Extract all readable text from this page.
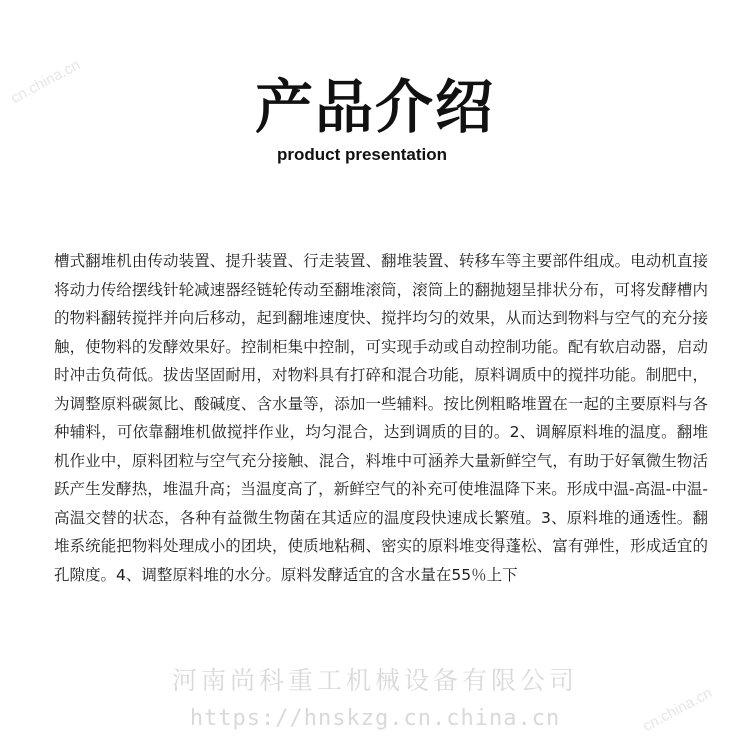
cn.china.cn	产品介绍
product presentation
槽式翻堆机由传动装置、提升装置、行走装置、翻堆装置、转移车等主要部件组成。电动机直接将动力传给摆线针轮减速器经链轮传动至翻堆滚筒，滚筒上的翻抛翅呈排状分布，可将发酵槽内的物料翻转搅拌并向后移动，起到翻堆速度快、搅拌均匀的效果，从而达到物料与空气的充分接触，使物料的发酵效果好。控制柜集中控制，可实现手动或自动控制功能。配有软启动器，启动时冲击负荷低。拔齿坚固耐用，对物料具有打碎和混合功能，原料调质中的搅拌功能。制肥中，为调整原料碳氮比、酸碱度、含水量等，添加一些辅料。按比例粗略堆置在一起的主要原料与各种辅料，可依靠翻堆机做搅拌作业，均匀混合，达到调质的目的。2、调解原料堆的温度。翻堆机作业中，原料团粒与空气充分接触、混合，料堆中可涵养大量新鲜空气，有助于好氧微生物活跃产生发酵热，堆温升高；当温度高了，新鲜空气的补充可使堆温降下来。形成中温-高温-中温-高温交替的状态，各种有益微生物菌在其适应的温度段快速成长繁殖。3、原料堆的通透性。翻堆系统能把物料处理成小的团块，使质地粘稠、密实的原料堆变得蓬松、富有弹性，形成适宜的孔隙度。4、调整原料堆的水分。原料发酵适宜的含水量在55％上下
河南尚科重工机械设备有限公司
https://hnskzg.cn.china.cn	cn.china.cn
